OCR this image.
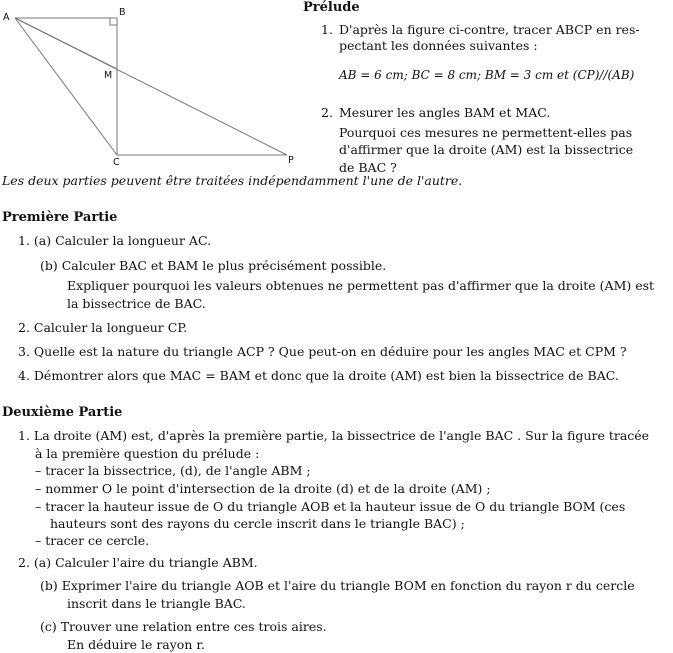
A	B
M
C	P
Prélude
1. D'après la figure ci-contre, tracer ABCP en res-
pectant les données suivantes :
AB = 6 cm; BC = 8 cm; BM = 3 cm et (CP)//(AB)
2. Mesurer les angles BAM et MAC.
Pourquoi ces mesures ne permettent-elles pas
d'affirmer que la droite (AM) est la bissectrice
de BAC ?
Les deux parties peuvent être traitées indépendamment l'une de l'autre.
Première Partie
1. (a) Calculer la longueur AC.
(b) Calculer BAC et BAM le plus précisément possible.
Expliquer pourquoi les valeurs obtenues ne permettent pas d'affirmer que la droite (AM) est
la bissectrice de BAC.
2. Calculer la longueur CP.
3. Quelle est la nature du triangle ACP ? Que peut-on en déduire pour les angles MAC et CPM ?
4. Démontrer alors que MAC = BAM et donc que la droite (AM) est bien la bissectrice de BAC.
Deuxième Partie
1. La droite (AM) est, d'après la première partie, la bissectrice de l'angle BAC . Sur la figure tracée
à la première question du prélude :
– tracer la bissectrice, (d), de l'angle ABM ;
– nommer O le point d'intersection de la droite (d) et de la droite (AM) ;
– tracer la hauteur issue de O du triangle AOB et la hauteur issue de O du triangle BOM (ces
hauteurs sont des rayons du cercle inscrit dans le triangle BAC) ;
– tracer ce cercle.
2. (a) Calculer l'aire du triangle ABM.
(b) Exprimer l'aire du triangle AOB et l'aire du triangle BOM en fonction du rayon r du cercle
inscrit dans le triangle BAC.
(c) Trouver une relation entre ces trois aires.
En déduire le rayon r.
